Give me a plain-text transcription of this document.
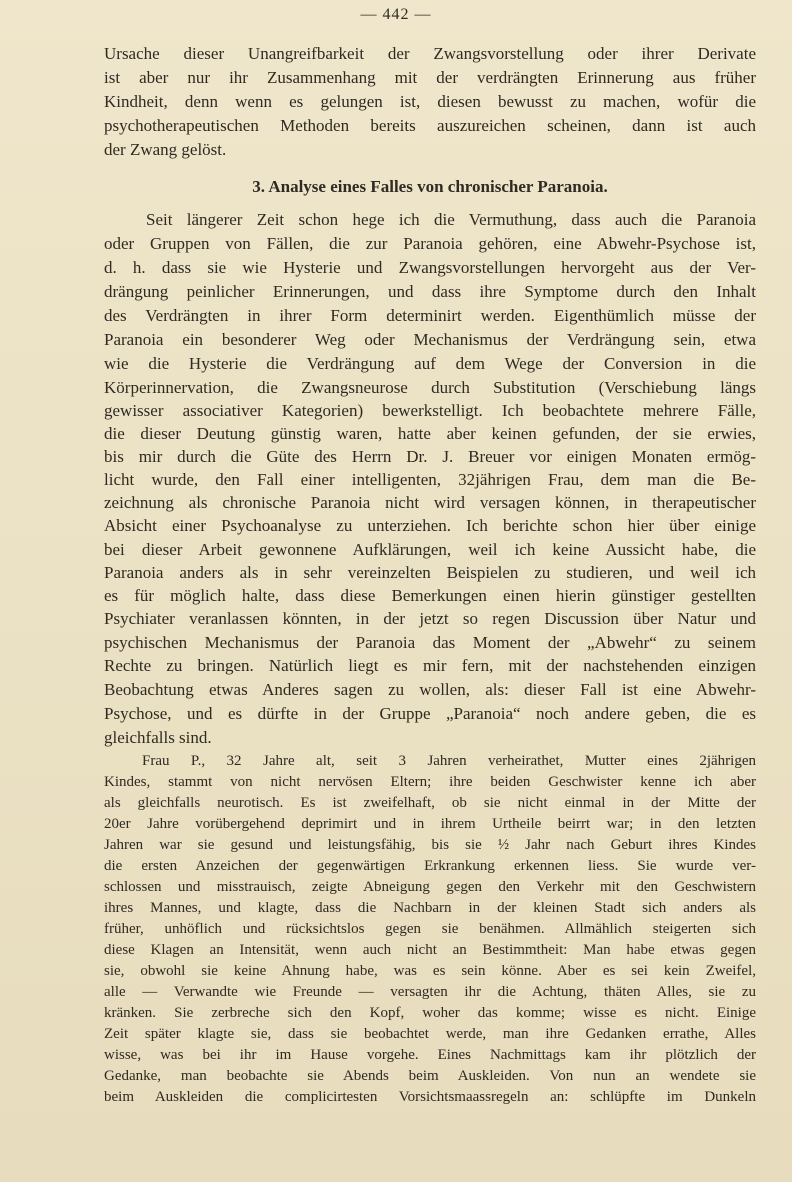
— 442 —
Ursache dieser Unangreifbarkeit der Zwangsvorstellung oder ihrer Derivate
ist aber nur ihr Zusammenhang mit der verdrängten Erinnerung aus früher
Kindheit, denn wenn es gelungen ist, diesen bewusst zu machen, wofür die
psychotherapeutischen Methoden bereits auszureichen scheinen, dann ist auch
der Zwang gelöst.
3. Analyse eines Falles von chronischer Paranoia.
Seit längerer Zeit schon hege ich die Vermuthung, dass auch die Paranoia
oder Gruppen von Fällen, die zur Paranoia gehören, eine Abwehr-Psychose ist,
d. h. dass sie wie Hysterie und Zwangsvorstellungen hervorgeht aus der Ver-
drängung peinlicher Erinnerungen, und dass ihre Symptome durch den Inhalt
des Verdrängten in ihrer Form determinirt werden. Eigenthümlich müsse der
Paranoia ein besonderer Weg oder Mechanismus der Verdrängung sein, etwa
wie die Hysterie die Verdrängung auf dem Wege der Conversion in die
Körperinnervation, die Zwangsneurose durch Substitution (Verschiebung längs
gewisser associativer Kategorien) bewerkstelligt. Ich beobachtete mehrere Fälle,
die dieser Deutung günstig waren, hatte aber keinen gefunden, der sie erwies,
bis mir durch die Güte des Herrn Dr. J. Breuer vor einigen Monaten ermög-
licht wurde, den Fall einer intelligenten, 32jährigen Frau, dem man die Be-
zeichnung als chronische Paranoia nicht wird versagen können, in therapeutischer
Absicht einer Psychoanalyse zu unterziehen. Ich berichte schon hier über einige
bei dieser Arbeit gewonnene Aufklärungen, weil ich keine Aussicht habe, die
Paranoia anders als in sehr vereinzelten Beispielen zu studieren, und weil ich
es für möglich halte, dass diese Bemerkungen einen hierin günstiger gestellten
Psychiater veranlassen könnten, in der jetzt so regen Discussion über Natur und
psychischen Mechanismus der Paranoia das Moment der „Abwehr“ zu seinem
Rechte zu bringen. Natürlich liegt es mir fern, mit der nachstehenden einzigen
Beobachtung etwas Anderes sagen zu wollen, als: dieser Fall ist eine Abwehr-
Psychose, und es dürfte in der Gruppe „Paranoia“ noch andere geben, die es
gleichfalls sind.
Frau P., 32 Jahre alt, seit 3 Jahren verheirathet, Mutter eines 2jährigen
Kindes, stammt von nicht nervösen Eltern; ihre beiden Geschwister kenne ich aber
als gleichfalls neurotisch. Es ist zweifelhaft, ob sie nicht einmal in der Mitte der
20er Jahre vorübergehend deprimirt und in ihrem Urtheile beirrt war; in den letzten
Jahren war sie gesund und leistungsfähig, bis sie ½ Jahr nach Geburt ihres Kindes
die ersten Anzeichen der gegenwärtigen Erkrankung erkennen liess. Sie wurde ver-
schlossen und misstrauisch, zeigte Abneigung gegen den Verkehr mit den Geschwistern
ihres Mannes, und klagte, dass die Nachbarn in der kleinen Stadt sich anders als
früher, unhöflich und rücksichtslos gegen sie benähmen. Allmählich steigerten sich
diese Klagen an Intensität, wenn auch nicht an Bestimmtheit: Man habe etwas gegen
sie, obwohl sie keine Ahnung habe, was es sein könne. Aber es sei kein Zweifel,
alle — Verwandte wie Freunde — versagten ihr die Achtung, thäten Alles, sie zu
kränken. Sie zerbreche sich den Kopf, woher das komme; wisse es nicht. Einige
Zeit später klagte sie, dass sie beobachtet werde, man ihre Gedanken errathe, Alles
wisse, was bei ihr im Hause vorgehe. Eines Nachmittags kam ihr plötzlich der
Gedanke, man beobachte sie Abends beim Auskleiden. Von nun an wendete sie
beim Auskleiden die complicirtesten Vorsichtsmaassregeln an: schlüpfte im Dunkeln
